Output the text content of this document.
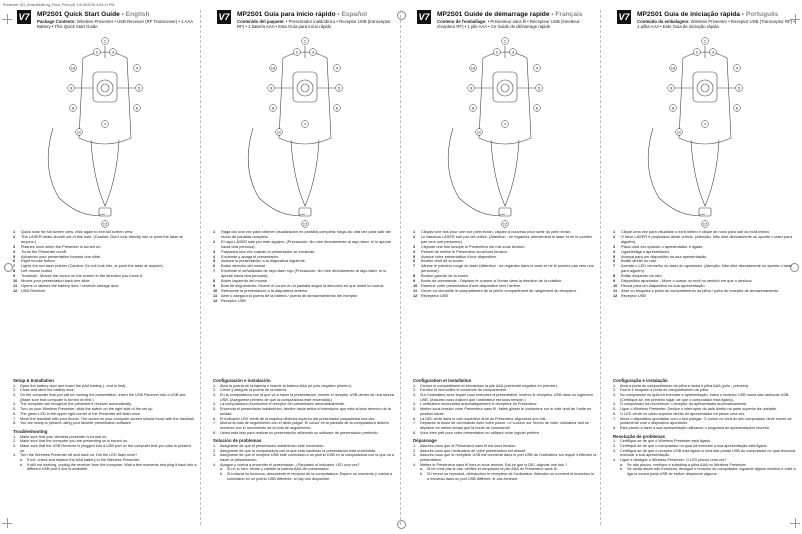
Presenter QG_AmeriMultiLng_Final_Print.pdf 1 8/19/2016 4:05:11 PM
V7 MP2S01 Quick Start Guide - English
Package Contents: Wireless Presenter • USB Receiver (RF Transceiver) • 1 AAA Battery • This Quick Start Guide
1
2	3
4
5
6
7
8
9
10
11
12
1	Quick slow for full screen view, click again to exit full screen view
2	The LASER beam shoots out of this hole. (Caution: Don't look directly into or point the laser at anyone.)
3	Flashes once when the Presenter is turned on.
4	Turns the Presenter on/off.
5	Advances your presentation forward one slide.
6	Right mouse button
7	Lights the red laser pointer (Caution: Do not look into, or point the laser at anyone).
8	Left mouse button
9	Trackball - Moves the cursor on the screen in the direction you move it.
10 Moves your presentation back one slide.
11 Opens or latches the battery door / receiver storage door
12 USB Receiver
Setup & Installation
1.	Open the battery door and insert the AAA battery (- end in first).
2.	Close and latch the battery door.
3.	On the computer that you will be running the presentation, insert the USB Receiver into a USB slot. (Make sure that computer is turned on first.)
4.	The computer will recognize the presenter's receiver automatically.
5.	Turn on your Wireless Presenter; slide the switch on the right side of the set up.
6.	The green LED in the upper right corner of the Presenter will flash once.
7.	Move the trackball with your thumb. The cursor on your computer screen should move with the trackball.
8.	You are ready to present using your favorite presentation software.
Troubleshooting
1.	Make sure that your wireless presenter is turned on.
2.	Make sure that the computer you are presenting on is turned on.
3.	Make sure that the USB Receiver is plugged into a USB port on the computer that you plan to present on.
4.	Turn the Wireless Presenter off and back on. Did the LED flash once?
a.	If not, check and replace the AAA battery in the Wireless Presenter.
b.	If still not working, unplug the receiver from the computer. Wait a few moments and plug it back into a different USB port if one is available.
V7 MP2S01 Guía para inicio rápido - Español
Contenido del paquete: • Presentador inalámbrico • Receptor USB (transceptor RF) • 1 batería AAA • Esta Guía para inicio rápido
1
2	3
4
5
6
7
8
9
10
11
12
1	Haga clic una vez para obtener visualización en pantalla completa; haga clic otra vez para salir del modo de pantalla completa
2	El rayo LÁSER sale por este agujero. (Precaución: No mire directamente al rayo láser, ni lo apunte hacia otra persona).
3	Parpadea una vez cuando el presentador se enciende.
4	Enciende y apaga el presentador.
5	Avanza la presentación a la diapositiva siguiente.
6	Botón derecho del mouse
7	Enciende el señalizador de rayo láser rojo (Precaución: No mire directamente al rayo láser, ni lo apunte hacia otra persona).
8	Botón izquierdo del mouse
9	Bola de seguimiento: Mueve el cursor en la pantalla según la dirección en que usted la mueva.
10 Retrocede la presentación a la diapositiva anterior.
11 Abre o asegura la puerta de la batería / puerta de almacenamiento del receptor
12 Receptor USB
Configuración e instalación
1.	Abra la puerta de la batería e inserte la batería AAA (el polo negativo primero).
2.	Cierre y asegure la puerta de la batería.
3.	En la computadora con la que va a hacer la presentación, inserte el receptor USB dentro de una ranura USB. (Asegúrese primero de que la computadora esté encendida.)
4.	La computadora reconocerá el receptor del presentador automáticamente.
5.	Encienda el presentador inalámbrico; deslice hacia arriba el interruptor que está al lado derecho de la unidad.
6.	El indicador LED verde de la esquina derecha superior del presentador parpadeará una vez.
7.	Mueva la bola de seguimiento con el dedo pulgar. El cursor en la pantalla de la computadora deberá moverse con el movimiento de la bola de seguimiento.
8.	Usted está listo para realizar su presentación utilizando su software de presentación preferido.
Solución de problemas
1.	Asegúrese de que el presentador inalámbrico esté encendido.
2.	Asegúrese de que la computadora con la que está haciendo la presentación esté encendida.
3.	Asegúrese de que el receptor USB esté conectado a un puerto USB en la computadora con la que va a hacer la presentación.
4.	Apague y vuelva a encender el presentador. ¿Parpadeó el indicador LED una vez?
a.	Si no lo hizo, revise y cambie la batería AAA del presentador.
b.	Si todavía no funciona, desconecte el receptor de la computadora. Espere un momento y vuelva a conectarlo en un puerto USB diferente, si hay uno disponible.
V7 MP2S01 Guide de démarrage rapide - Français
Contenu de l'emballage: • Présenteur sans fil • Récepteur USB (émetteur-récepteur RF) • 1 pile AAA • Ce Guide de démarrage rapide
1
2	3
4
5
6
7
8
9
10
11
12
1	Cliquez une fois pour une vue plein écran, cliquez à nouveau pour sortir du plein écran.
2	Le faisceau LASER sort par cet orifice. (Attention : ne regardez directement le laser et ne le pointez pas vers une personne).
3	Clignote une fois lorsque le Présenteur est mis sous tension.
4	Permet de mettre le Présenteur sous/hors tension.
5	Avance votre présentation d'une diapositive.
6	Bouton droit de la souris.
7	Allume le pointeur rouge du laser (Attention : ne regardez dans le laser et ne le pointez pas vers une personne).
8	Bouton gauche de la souris
9	Boule de commande - Déplace le curseur à l'écran dans la direction de la rotation.
10 Ramène votre présentation d'une diapositive vers l'arrière.
11 Ouvre ou verrouille le compartiment de la pile/le compartiment de rangement du récepteur.
12 Récepteur USB
Configuration et installation
1.	Ouvrez le compartiment et introduisez la pile AAA (extrémité négative en premier).
2.	Fermez et verrouillez le couvercle du compartiment.
3.	Sur l'ordinateur avec lequel vous exécutez la présentation, insérez le récepteur USB dans un logement USB. (Assurez-vous d'abord que l'ordinateur est sous tension.)
4.	L'ordinateur reconnaîtra automatiquement le récepteur du Présenteur.
5.	Mettez sous tension votre Présenteur sans fil ; faites glisser le contacteur sur le côté droit de l'unité en position haute.
6.	La DEL verte dans le coin supérieur droit du Présenteur clignotera une fois.
7.	Déplacez la boule de commande avec votre pouce. Le curseur sur l'écran de votre ordinateur doit se déplacer en même temps que la boule de commande.
8.	Vous êtes prêt pour votre présentation en utilisant votre logiciel préféré.
Dépannage
1.	Assurez-vous que le Présenteur sans fil est sous tension.
2.	Assurez-vous que l'ordinateur de votre présentation est allumé.
3.	Assurez-vous que le récepteur USB est connecté dans le port USB de l'ordinateur sur lequel s'effectue la présentation.
4.	Mettez le Présenteur sans fil hors et sous tension. Est-ce que la DEL clignote une fois ?
a.	Si tel n'est pas le cas, vérifiez et remplacez la pile AAA du Présenteur sans fil.
b.	Si l'erreur se reproduit, débranchez le récepteur de l'ordinateur. Attendez un moment et branchez-le à nouveau dans un port USB différent, le cas échéant.
V7 MP2S01 Guia de iniciação rápida - Português
Conteúdo da embalagem: Wireless Presenter • Receptor USB (Transceptor RF) • 1 pilha AAA • Este Guia de iniciação rápida
1
2	3
4
5
6
7
8
9
10
11
12
1	Clique uma vez para visualizar o ecrã inteiro e clique de novo para sair do ecrã inteiro.
2	O feixe LASER é projectado deste orifício. (Atenção: Não olhe directamente ou aponte o laser para alguém).
3	Pisca uma vez quando o apresentador é ligado.
4	Liga/desliga o apresentador.
5	Avança para um diapositivo na sua apresentação.
6	Botão direito do rato.
7	Acende o LED vermelho do laser do apontador. (Atenção: Não olhe directamente ou aponte o laser para alguém).
8	Botão esquerdo do rato.
9	Dispositivo apontador - Move o cursor no ecrã no sentido em que o desloca.
10 Recua para um diapositivo na sua apresentação.
11 Abre ou bloqueia a porta do compartimento da pilha / porta do receptor de armazenamento.
12 Receptor USB
Configuração e instalação
1.	Abra a porta do compartimento da pilha e insira a pilha AAA (pólo - primeiro).
2.	Feche e bloqueie a porta do compartimento da pilha.
3.	No computador no qual irá executar a apresentação, insira o receptor USB numa das ranhuras USB. (Certifique-se, em primeiro lugar, de que o computador está ligado).
4.	O computador irá reconhecer o receptor do apresentador automaticamente.
5.	Ligue o Wireless Presenter. Deslize o interruptor do lado direito na parte superior da unidade.
6.	O LED verde no canto superior direito do apresentador irá piscar uma vez.
7.	Mova o dispositivo apontador com o seu polegar. O cursor no ecrã do seu computador deve mover-se juntamente com o dispositivo apontador.
8.	Está pronto a fazer a sua apresentação utilizando o programa de apresentações favorito.
Resolução de problemas
1.	Certifique-se de que o Wireless Presenter está ligado.
2.	Certifique-se de que o computador no qual irá executar a sua apresentação está ligado.
3.	Certifique-se de que o receptor USB está ligado a uma das portas USB do computador no qual tenciona executar a sua apresentação.
4.	Ligue e desligue o Wireless Presenter. O LED piscou uma vez?
a.	Se não piscou, verifique e substitua a pilha AAA no Wireless Presenter.
b.	Se ainda assim não funcionar, desligue o receptor do computador. Aguarde alguns minutos e volte a ligá-lo noutra porta USB se estiver disponível alguma.
